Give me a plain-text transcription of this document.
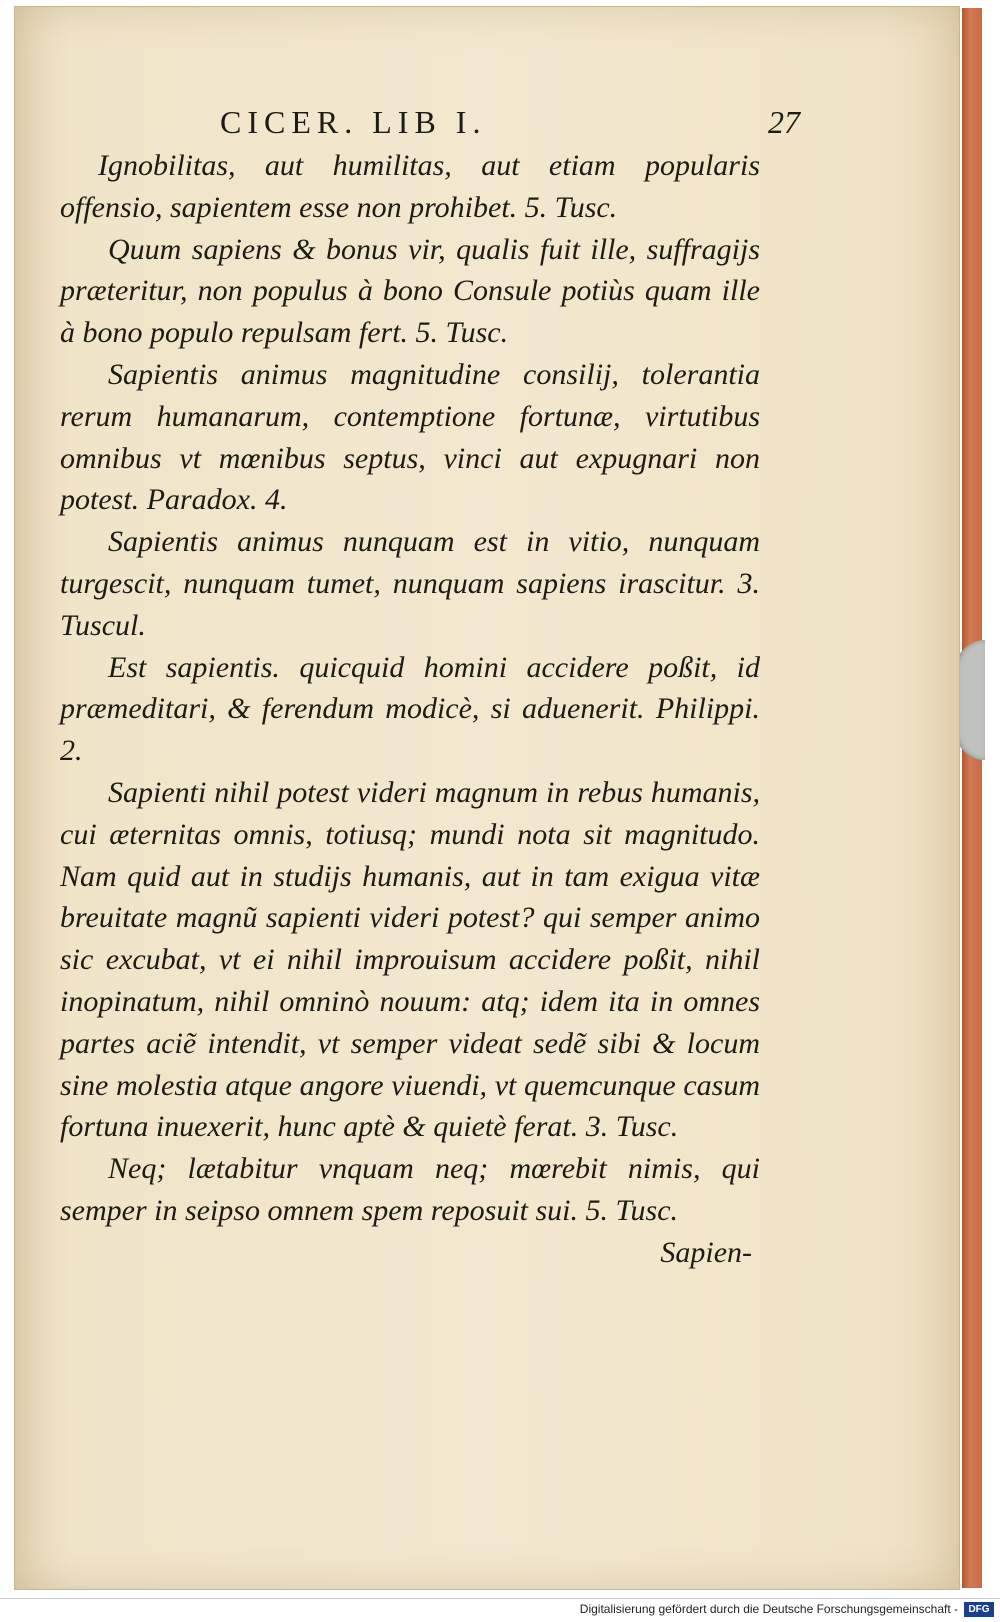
CICER. LIB I.	27

Ignobilitas, aut humilitas, aut etiam popularis offensio, sapientem esse non prohibet. 5. Tusc.

Quum sapiens & bonus vir, qualis fuit ille, suffragijs præteritur, non populus à bono Consule potiùs quam ille à bono populo repulsam fert. 5. Tusc.

Sapientis animus magnitudine consilij, tolerantia rerum humanarum, contemptione fortunæ, virtutibus omnibus vt mœnibus septus, vinci aut expugnari non potest. Paradox. 4.

Sapientis animus nunquam est in vitio, nunquam turgescit, nunquam tumet, nunquam sapiens irascitur. 3. Tuscul.

Est sapientis. quicquid homini accidere poßit, id præmeditari, & ferendum modicè, si aduenerit. Philippi. 2.

Sapienti nihil potest videri magnum in rebus humanis, cui æternitas omnis, totiusq; mundi nota sit magnitudo. Nam quid aut in studijs humanis, aut in tam exigua vitæ breuitate magnũ sapienti videri potest? qui semper animo sic excubat, vt ei nihil improuisum accidere poßit, nihil inopinatum, nihil omninò nouum: atq; idem ita in omnes partes aciẽ intendit, vt semper videat sedẽ sibi & locum sine molestia atque angore viuendi, vt quemcunque casum fortuna inuexerit, hunc aptè & quietè ferat. 3. Tusc.

Neq; lætabitur vnquam neq; mœrebit nimis, qui semper in seipso omnem spem reposuit sui. 5. Tusc.

Sapien-

Digitalisierung gefördert durch die Deutsche Forschungsgemeinschaft -	DFG
